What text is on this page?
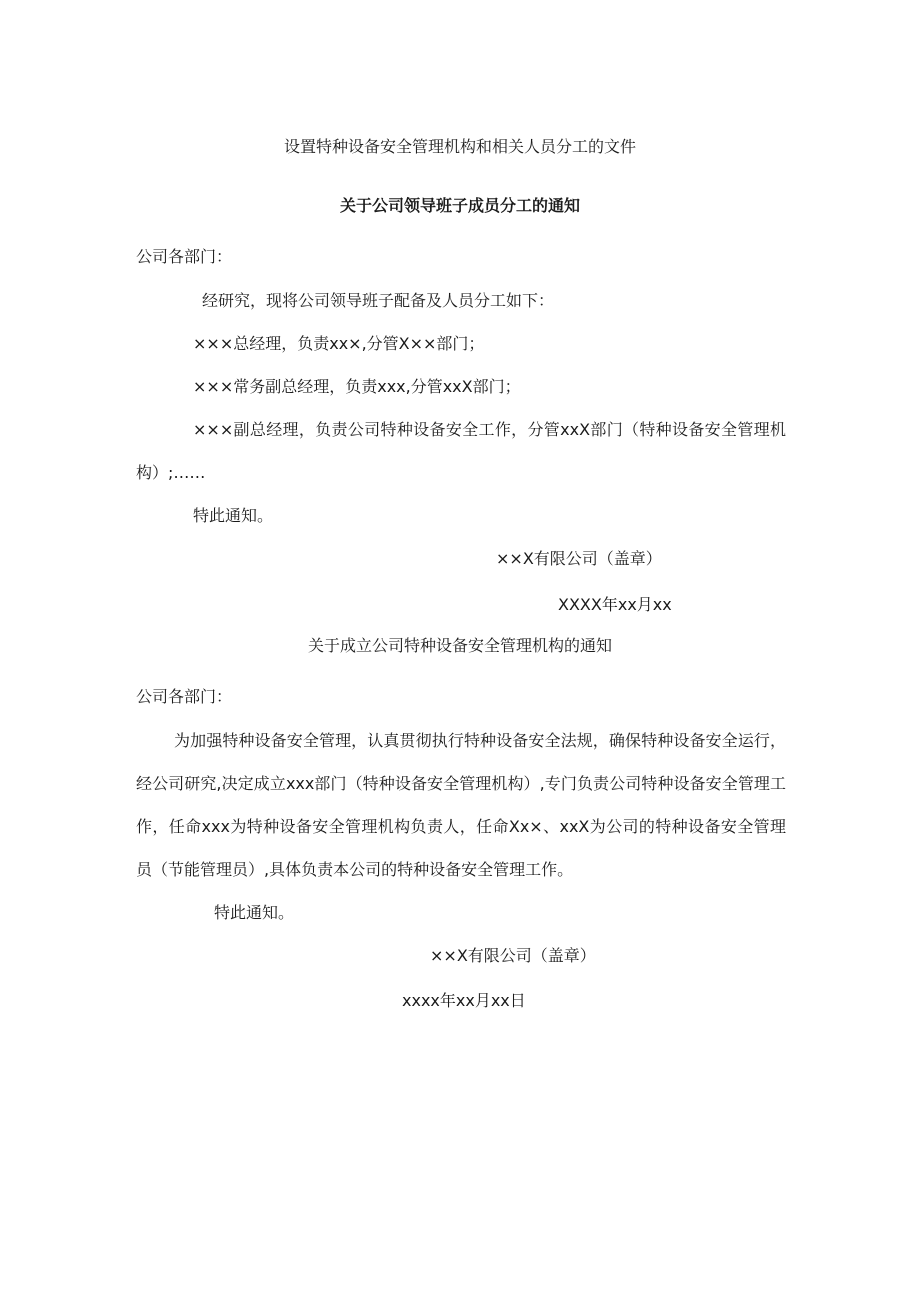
设置特种设备安全管理机构和相关人员分工的文件
关于公司领导班子成员分工的通知
公司各部门：
经研究，现将公司领导班子配备及人员分工如下：
×××总经理，负责xx×,分管X××部门；
×××常务副总经理，负责xxx,分管xxX部门；
×××副总经理，负责公司特种设备安全工作，分管xxX部门（特种设备安全管理机构）;……
特此通知。
××X有限公司（盖章）
XXXX年xx月xx
关于成立公司特种设备安全管理机构的通知
公司各部门：
为加强特种设备安全管理，认真贯彻执行特种设备安全法规，确保特种设备安全运行，经公司研究,决定成立xxx部门（特种设备安全管理机构）,专门负责公司特种设备安全管理工作，任命xxx为特种设备安全管理机构负责人，任命Xx×、xxX为公司的特种设备安全管理员（节能管理员）,具体负责本公司的特种设备安全管理工作。
特此通知。
××X有限公司（盖章）
xxxx年xx月xx日
